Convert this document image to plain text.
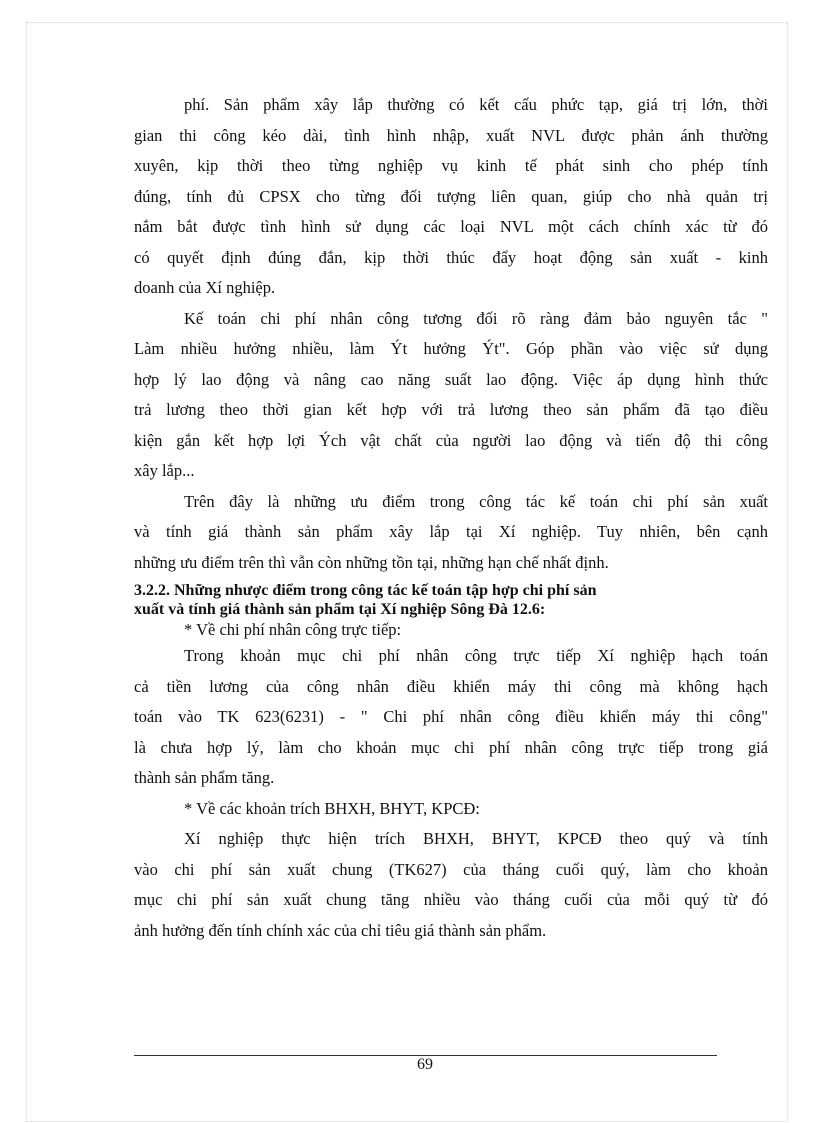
phí. Sản phẩm xây lắp thường có kết cấu phức tạp, giá trị lớn, thời
gian thi công kéo dài, tình hình nhập, xuất NVL được phản ánh thường
xuyên, kịp thời theo từng nghiệp vụ kinh tế phát sinh cho phép tính
đúng, tính đủ CPSX cho từng đối tượng liên quan, giúp cho nhà quản trị
nắm bắt được tình hình sử dụng các loại NVL một cách chính xác từ đó
có quyết định đúng đắn, kịp thời thúc đẩy hoạt động sản xuất - kinh
doanh của Xí nghiệp.
Kế toán chi phí nhân công tương đối rõ ràng đảm bảo nguyên tắc "
Làm nhiều hưởng nhiều, làm Ýt hưởng Ýt". Góp phần vào việc sử dụng
hợp lý lao động và nâng cao năng suất lao động. Việc áp dụng hình thức
trả lương theo thời gian kết hợp với trả lương theo sản phẩm đã tạo điều
kiện gắn kết hợp lợi Ých vật chất của người lao động và tiến độ thi công
xây lắp...
Trên đây là những ưu điểm trong công tác kế toán chi phí sản xuất
và tính giá thành sản phẩm xây lắp tại Xí nghiệp. Tuy nhiên, bên cạnh
những ưu điểm trên thì vẫn còn những tồn tại, những hạn chế nhất định.
3.2.2. Những nhược điểm trong công tác kế toán tập hợp chi phí sản
xuất và tính giá thành sản phẩm tại Xí nghiệp Sông Đà 12.6:

* Về chi phí nhân công trực tiếp:

Trong khoản mục chi phí nhân công trực tiếp Xí nghiệp hạch toán
cả tiền lương của công nhân điều khiển máy thi công mà không hạch
toán vào TK 623(6231) - " Chi phí nhân công điều khiển máy thi công"
là chưa hợp lý, làm cho khoản mục chi phí nhân công trực tiếp trong giá
thành sản phẩm tăng.

* Về các khoản trích BHXH, BHYT, KPCĐ:

Xí nghiệp thực hiện trích BHXH, BHYT, KPCĐ theo quý và tính
vào chi phí sản xuất chung (TK627) của tháng cuối quý, làm cho khoản
mục chi phí sản xuất chung tăng nhiều vào tháng cuối của mỗi quý từ đó
ảnh hưởng đến tính chính xác của chỉ tiêu giá thành sản phẩm.
69
